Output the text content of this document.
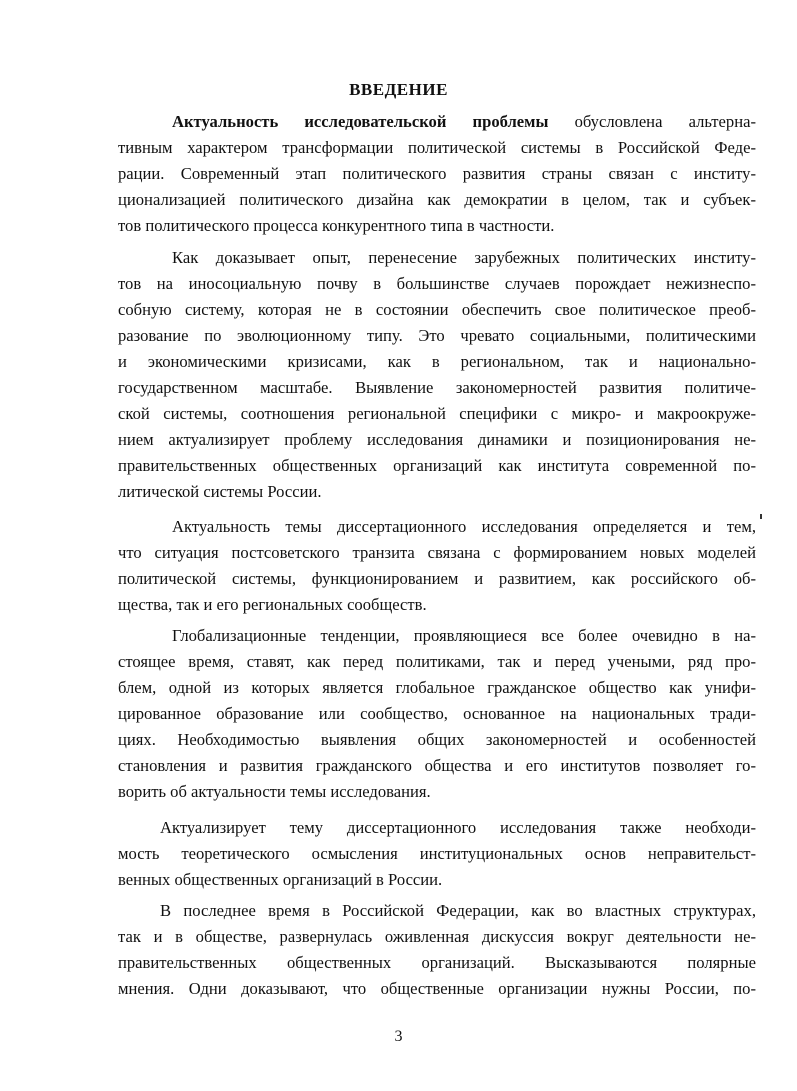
ВВЕДЕНИЕ
Актуальность исследовательской проблемы обусловлена альтерна-
тивным характером трансформации политической системы в Российской Феде-
рации. Современный этап политического развития страны связан с институ-
ционализацией политического дизайна как демократии в целом, так и субъек-
тов политического процесса конкурентного типа в частности.
Как доказывает опыт, перенесение зарубежных политических институ-
тов на иносоциальную почву в большинстве случаев порождает нежизнеспо-
собную систему, которая не в состоянии обеспечить свое политическое преоб-
разование по эволюционному типу. Это чревато социальными, политическими
и экономическими кризисами, как в региональном, так и национально-
государственном масштабе. Выявление закономерностей развития политиче-
ской системы, соотношения региональной специфики с микро- и макроокруже-
нием актуализирует проблему исследования динамики и позиционирования не-
правительственных общественных организаций как института современной по-
литической системы России.
Актуальность темы диссертационного исследования определяется и тем,
что ситуация постсоветского транзита связана с формированием новых моделей
политической системы, функционированием и развитием, как российского об-
щества, так и его региональных сообществ.
Глобализационные тенденции, проявляющиеся все более очевидно в на-
стоящее время, ставят, как перед политиками, так и перед учеными, ряд про-
блем, одной из которых является глобальное гражданское общество как унифи-
цированное образование или сообщество, основанное на национальных тради-
циях. Необходимостью выявления общих закономерностей и особенностей
становления и развития гражданского общества и его институтов позволяет го-
ворить об актуальности темы исследования.
Актуализирует тему диссертационного исследования также необходи-
мость теоретического осмысления институциональных основ неправительст-
венных общественных организаций в России.
В последнее время в Российской Федерации, как во властных структурах,
так и в обществе, развернулась оживленная дискуссия вокруг деятельности не-
правительственных общественных организаций. Высказываются полярные
мнения. Одни доказывают, что общественные организации нужны России, по-
3
